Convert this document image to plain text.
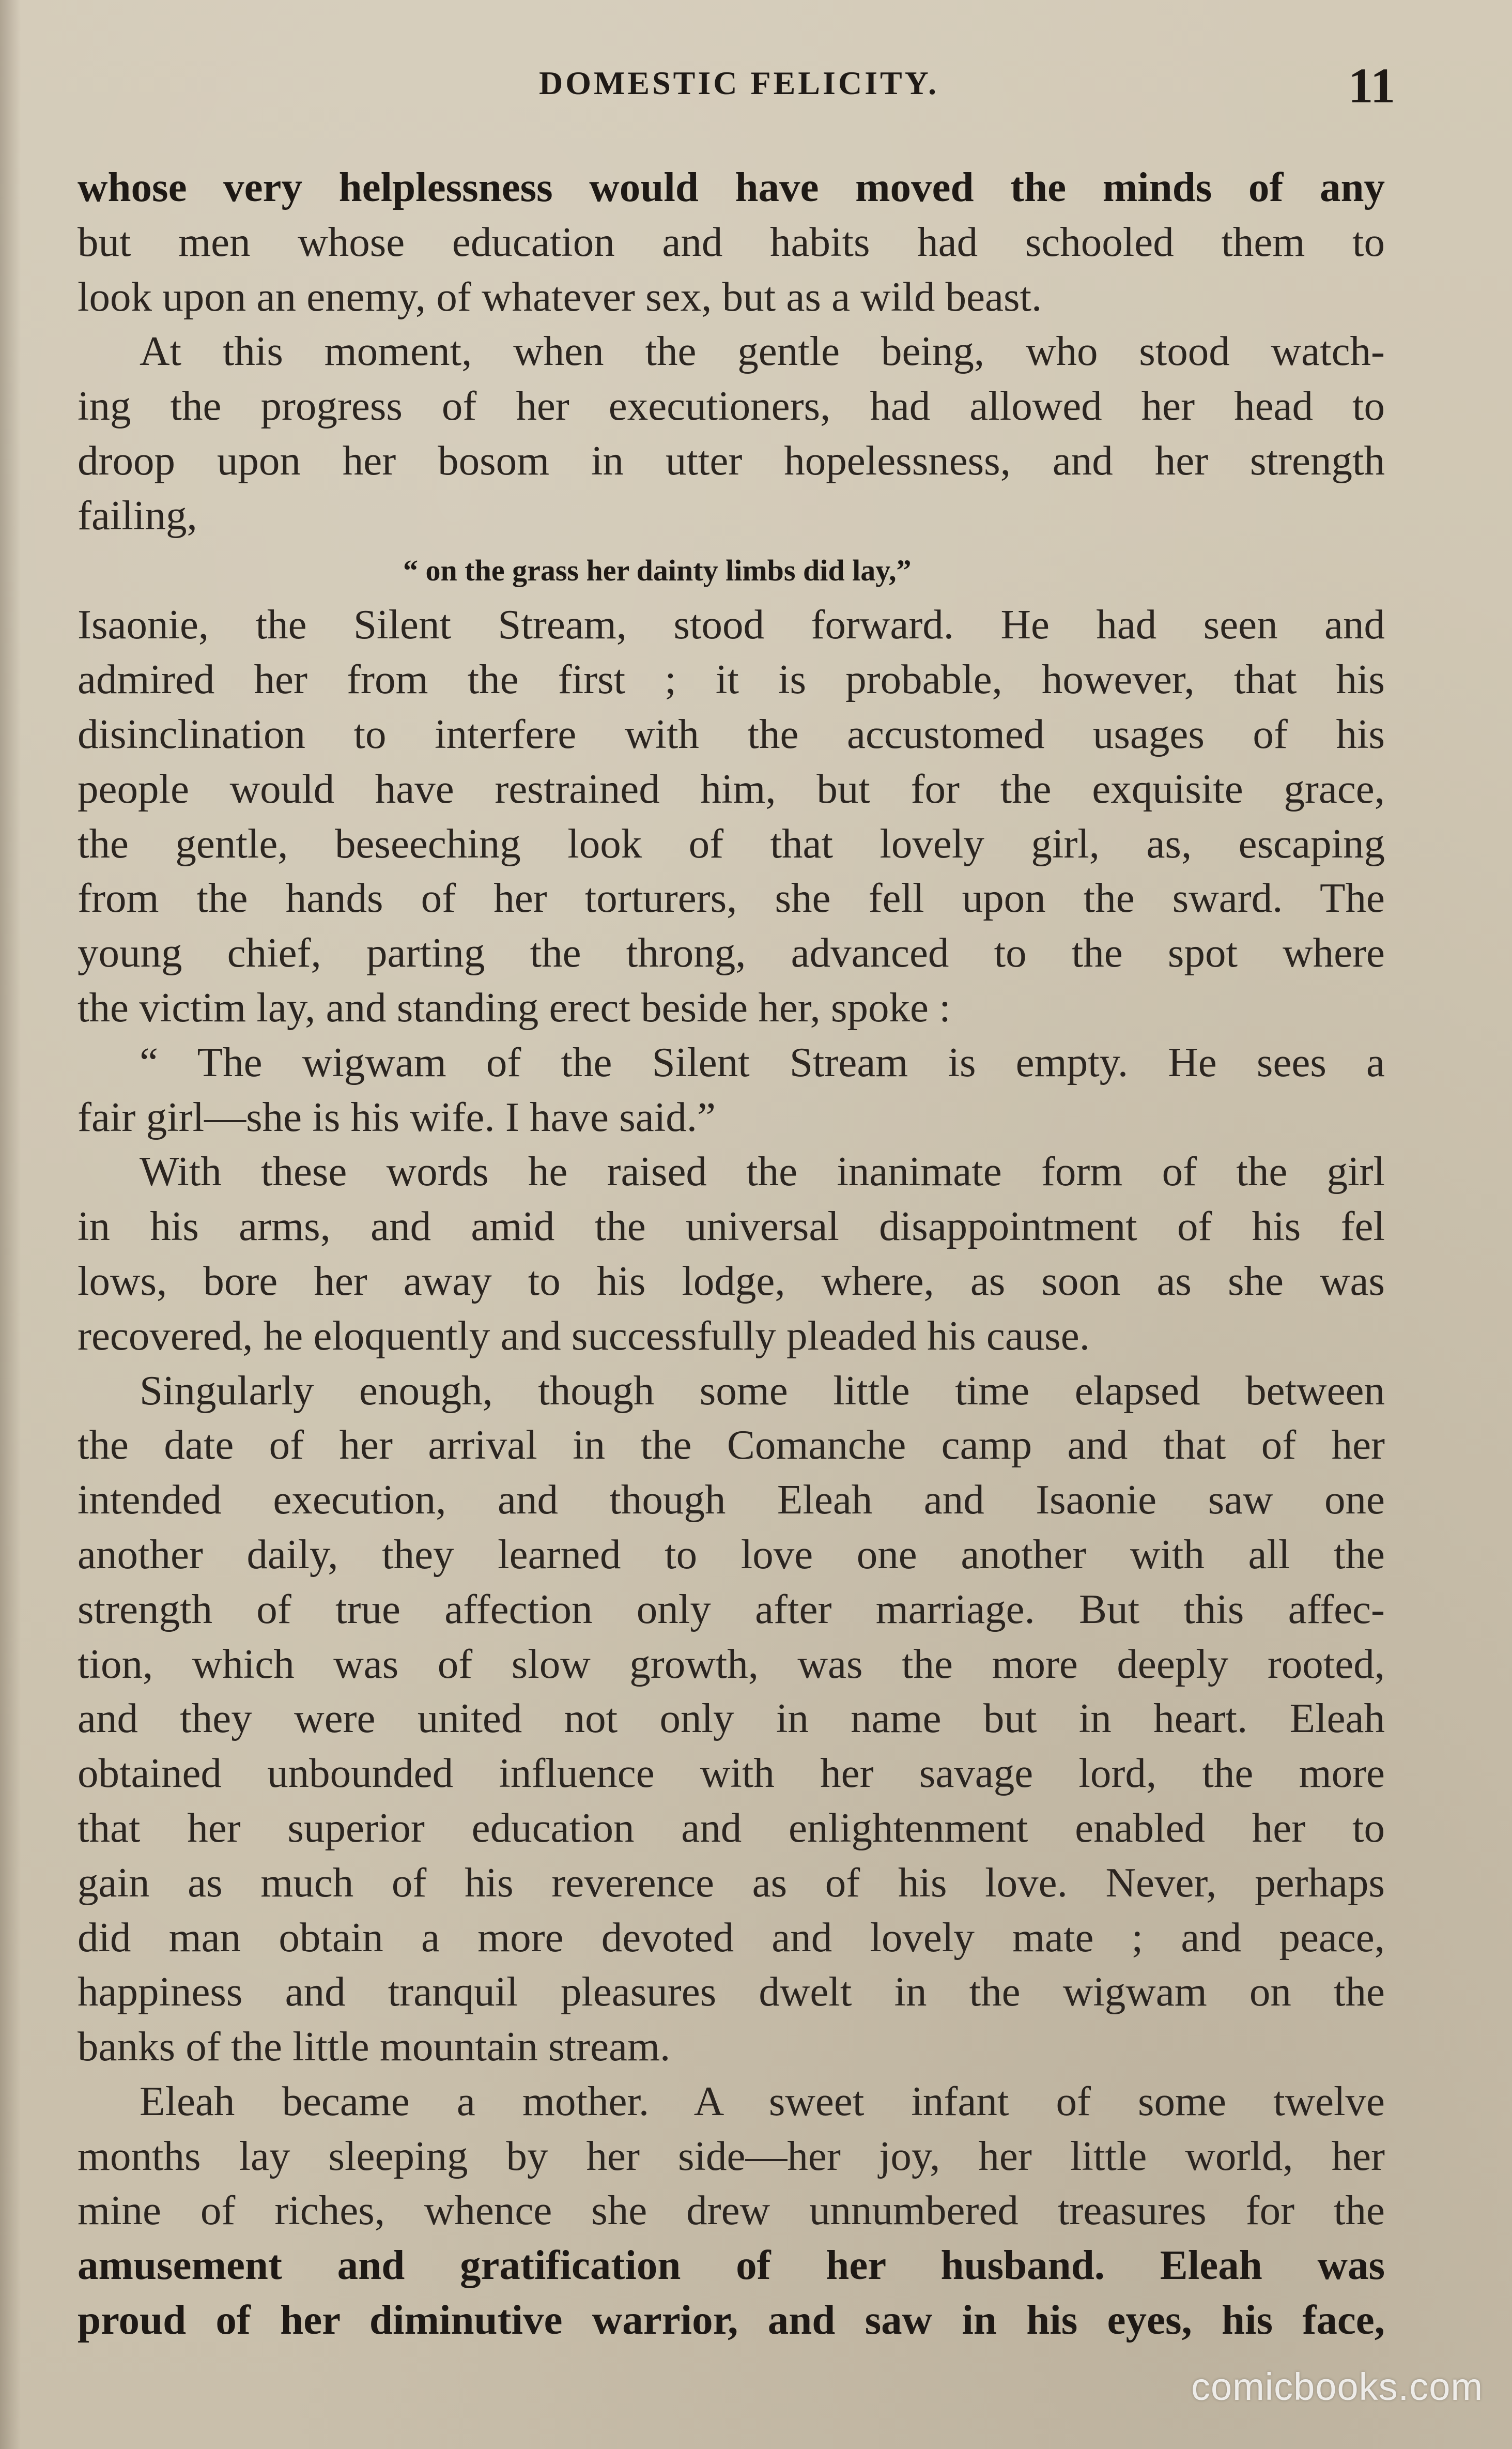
DOMESTIC FELICITY.	11
whose very helplessness would have moved the minds of any
but men whose education and habits had schooled them to
look upon an enemy, of whatever sex, but as a wild beast.
At this moment, when the gentle being, who stood watch-
ing the progress of her executioners, had allowed her head to
droop upon her bosom in utter hopelessness, and her strength
failing,
“ on the grass her dainty limbs did lay,”
Isaonie, the Silent Stream, stood forward. He had seen and
admired her from the first ; it is probable, however, that his
disinclination to interfere with the accustomed usages of his
people would have restrained him, but for the exquisite grace,
the gentle, beseeching look of that lovely girl, as, escaping
from the hands of her torturers, she fell upon the sward. The
young chief, parting the throng, advanced to the spot where
the victim lay, and standing erect beside her, spoke :
“ The wigwam of the Silent Stream is empty. He sees a
fair girl—she is his wife. I have said.”
With these words he raised the inanimate form of the girl
in his arms, and amid the universal disappointment of his fel
lows, bore her away to his lodge, where, as soon as she was
recovered, he eloquently and successfully pleaded his cause.
Singularly enough, though some little time elapsed between
the date of her arrival in the Comanche camp and that of her
intended execution, and though Eleah and Isaonie saw one
another daily, they learned to love one another with all the
strength of true affection only after marriage. But this affec-
tion, which was of slow growth, was the more deeply rooted,
and they were united not only in name but in heart. Eleah
obtained unbounded influence with her savage lord, the more
that her superior education and enlightenment enabled her to
gain as much of his reverence as of his love. Never, perhaps
did man obtain a more devoted and lovely mate ; and peace,
happiness and tranquil pleasures dwelt in the wigwam on the
banks of the little mountain stream.
Eleah became a mother. A sweet infant of some twelve
months lay sleeping by her side—her joy, her little world, her
mine of riches, whence she drew unnumbered treasures for the
amusement and gratification of her husband. Eleah was
proud of her diminutive warrior, and saw in his eyes, his face,
comicbooks.com
